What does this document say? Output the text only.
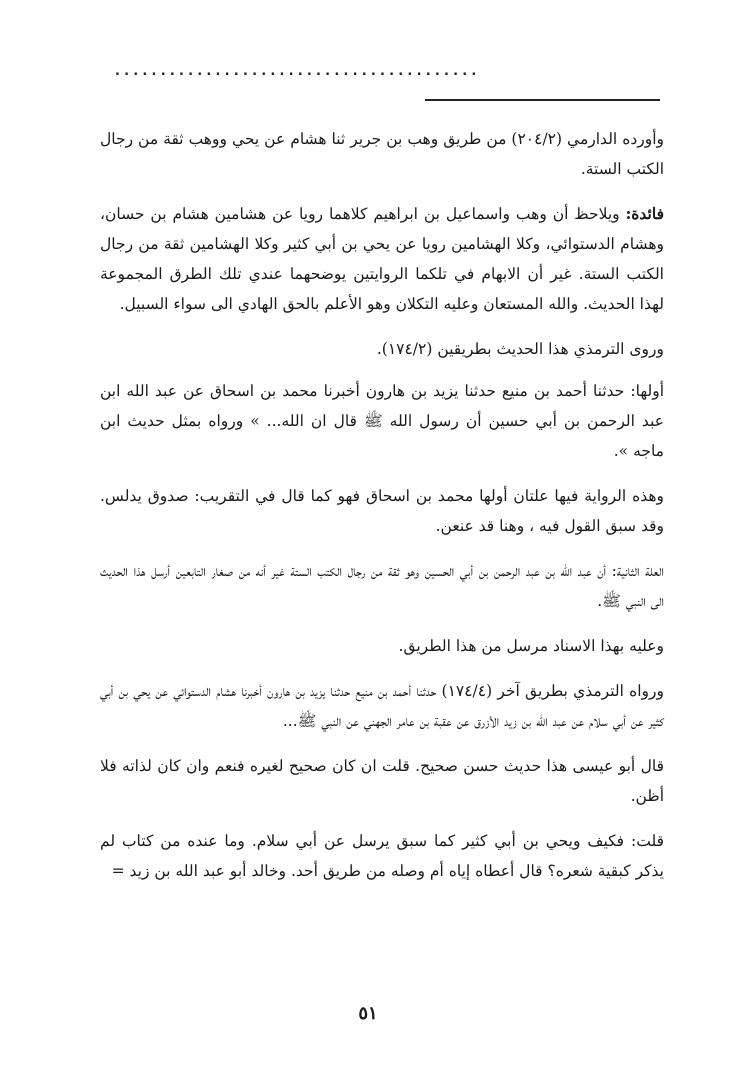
........................................

وأورده الدارمي (٢٠٤/٢) من طريق وهب بن جرير ثنا هشام عن يحي ووهب ثقة من رجال الكتب الستة.

فائدة: ويلاحظ أن وهب واسماعيل بن ابراهيم كلاهما رويا عن هشامين هشام بن حسان، وهشام الدستوائي، وكلا الهشامين رويا عن يحي بن أبي كثير وكلا الهشامين ثقة من رجال الكتب الستة. غير أن الابهام في تلكما الروايتين يوضحهما عندي تلك الطرق المجموعة لهذا الحديث. والله المستعان وعليه التكلان وهو الأعلم بالحق الهادي الى سواء السبيل.

وروى الترمذي هذا الحديث بطريقين (١٧٤/٢).

أولها: حدثنا أحمد بن منيع حدثنا يزيد بن هارون أخبرنا محمد بن اسحاق عن عبد الله ابن عبد الرحمن بن أبي حسين أن رسول الله ﷺ قال ان الله... » ورواه بمثل حديث ابن ماجه ».

وهذه الرواية فيها علتان أولها محمد بن اسحاق فهو كما قال في التقريب: صدوق يدلس. وقد سبق القول فيه ، وهنا قد عنعن.

العلة الثانية: أن عبد الله بن عبد الرحمن بن أبي الحسين وهو ثقة من رجال الكتب الستة غير أنه من صغار التابعين أرسل هذا الحديث الى النبي ﷺ.

وعليه بهذا الاسناد مرسل من هذا الطريق.

ورواه الترمذي بطريق آخر (١٧٤/٤) حدثنا أحمد بن منيع حدثنا يزيد بن هارون أخبرنا هشام الدستوائي عن يحي بن أبي كثير عن أبي سلام عن عبد الله بن زيد الأزرق عن عقبة بن عامر الجهني عن النبي ﷺ...

قال أبو عيسى هذا حديث حسن صحيح. قلت ان كان صحيح لغيره فنعم وان كان لذاته فلا أظن.

قلت: فكيف ويحي بن أبي كثير كما سبق يرسل عن أبي سلام. وما عنده من كتاب لم يذكر كبقية شعره؟ قال أعطاه إياه أم وصله من طريق أحد. وخالد أبو عبد الله بن زيد =

٥١
